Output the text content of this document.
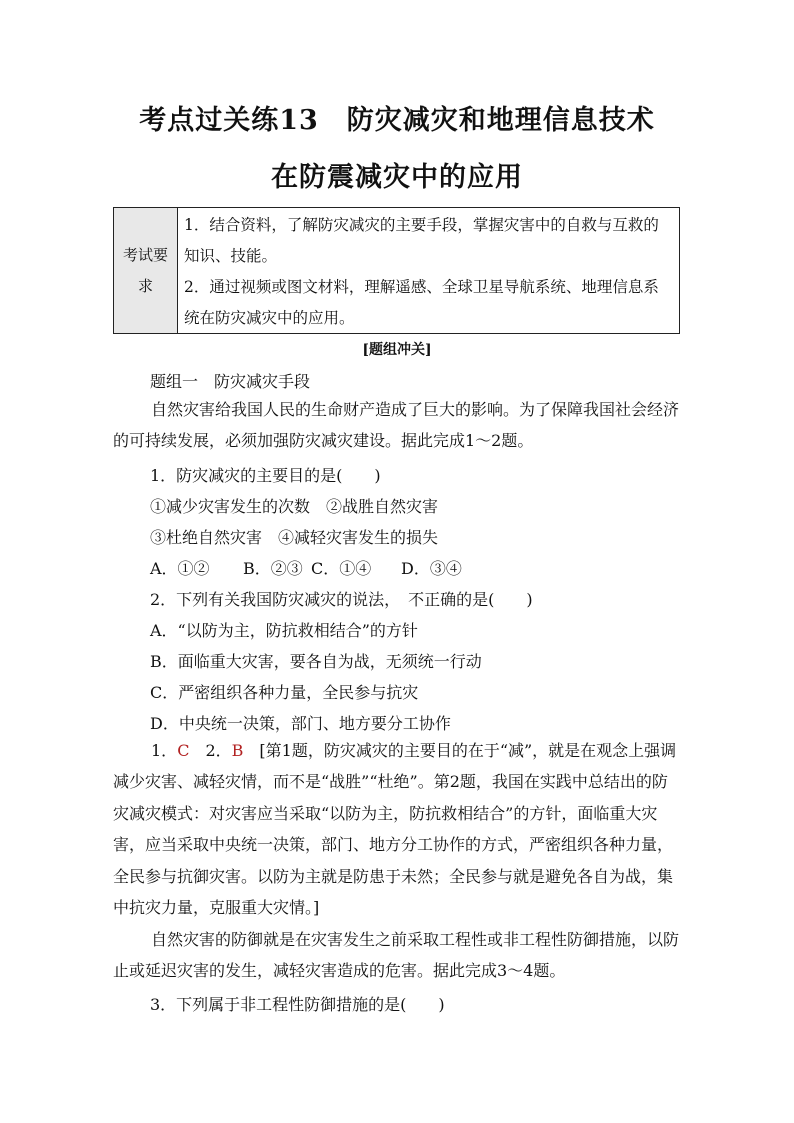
考点过关练13　防灾减灾和地理信息技术
在防震减灾中的应用
考试要求
1．结合资料，了解防灾减灾的主要手段，掌握灾害中的自救与互救的知识、技能。
2．通过视频或图文材料，理解遥感、全球卫星导航系统、地理信息系统在防灾减灾中的应用。
[题组冲关]

题组一　防灾减灾手段

自然灾害给我国人民的生命财产造成了巨大的影响。为了保障我国社会经济的可持续发展，必须加强防灾减灾建设。据此完成1～2题。

1．防灾减灾的主要目的是(　　)

①减少灾害发生的次数　②战胜自然灾害

③杜绝自然灾害　④减轻灾害发生的损失

A．①② B．②③ C．①④ D．③④

2．下列有关我国防灾减灾的说法，　不正确的是(　　)

A．“以防为主，防抗救相结合”的方针

B．面临重大灾害，要各自为战，无须统一行动

C．严密组织各种力量，全民参与抗灾

D．中央统一决策，部门、地方要分工协作

1．C　2．B　[第1题，防灾减灾的主要目的在于“减”，就是在观念上强调减少灾害、减轻灾情，而不是“战胜”“杜绝”。第2题，我国在实践中总结出的防灾减灾模式：对灾害应当采取“以防为主，防抗救相结合”的方针，面临重大灾害，应当采取中央统一决策，部门、地方分工协作的方式，严密组织各种力量，全民参与抗御灾害。以防为主就是防患于未然；全民参与就是避免各自为战，集中抗灾力量，克服重大灾情。]

自然灾害的防御就是在灾害发生之前采取工程性或非工程性防御措施，以防止或延迟灾害的发生，减轻灾害造成的危害。据此完成3～4题。

3．下列属于非工程性防御措施的是(　　)
